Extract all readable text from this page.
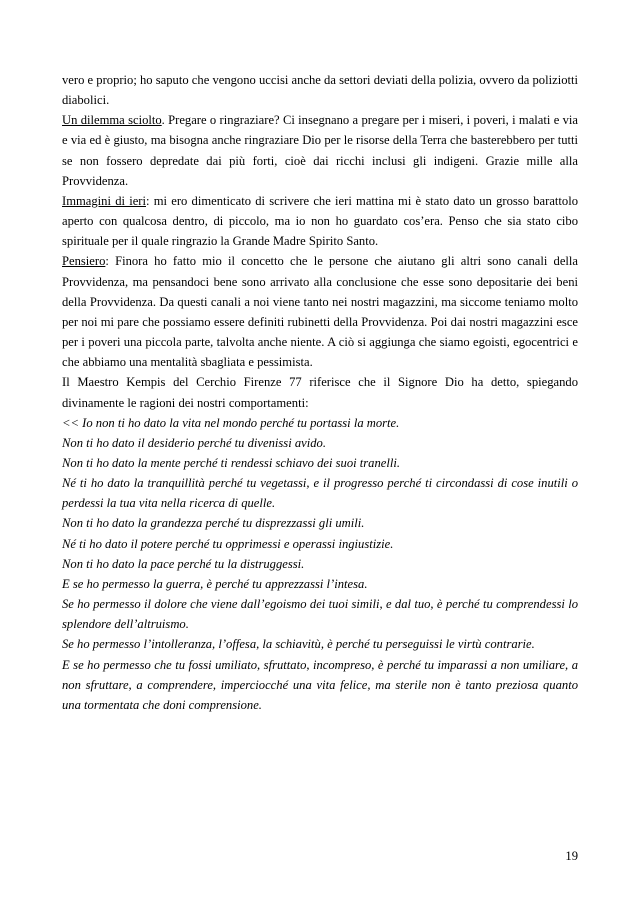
vero e proprio; ho saputo che vengono uccisi anche da settori deviati della polizia, ovvero da poliziotti diabolici.

Un dilemma sciolto. Pregare o ringraziare? Ci insegnano a pregare per i miseri, i poveri, i malati e via e via ed è giusto, ma bisogna anche ringraziare Dio per le risorse della Terra che basterebbero per tutti se non fossero depredate dai più forti, cioè dai ricchi inclusi gli indigeni. Grazie mille alla Provvidenza.

Immagini di ieri: mi ero dimenticato di scrivere che ieri mattina mi è stato dato un grosso barattolo aperto con qualcosa dentro, di piccolo, ma io non ho guardato cos’era. Penso che sia stato cibo spirituale per il quale ringrazio la Grande Madre Spirito Santo.

Pensiero: Finora ho fatto mio il concetto che le persone che aiutano gli altri sono canali della Provvidenza, ma pensandoci bene sono arrivato alla conclusione che esse sono depositarie dei beni della Provvidenza. Da questi canali a noi viene tanto nei nostri magazzini, ma siccome teniamo molto per noi mi pare che possiamo essere definiti rubinetti della Provvidenza. Poi dai nostri magazzini esce per i poveri una piccola parte, talvolta anche niente. A ciò si aggiunga che siamo egoisti, egocentrici e che abbiamo una mentalità sbagliata e pessimista.

Il Maestro Kempis del Cerchio Firenze 77 riferisce che il Signore Dio ha detto, spiegando divinamente le ragioni dei nostri comportamenti:

<< Io non ti ho dato la vita nel mondo perché tu portassi la morte.

Non ti ho dato il desiderio perché tu divenissi avido.

Non ti ho dato la mente perché ti rendessi schiavo dei suoi tranelli.

Né ti ho dato la tranquillità perché tu vegetassi, e il progresso perché ti circondassi di cose inutili o perdessi la tua vita nella ricerca di quelle.

Non ti ho dato la grandezza perché tu disprezzassi gli umili.

Né ti ho dato il potere perché tu opprimessi e operassi ingiustizie.

Non ti ho dato la pace perché tu la distruggessi.

E se ho permesso la guerra, è perché tu apprezzassi l’intesa.

Se ho permesso il dolore che viene dall’egoismo dei tuoi simili, e dal tuo, è perché tu comprendessi lo splendore dell’altruismo.

Se ho permesso l’intolleranza, l’offesa, la schiavitù, è perché tu perseguissi le virtù contrarie.

E se ho permesso che tu fossi umiliato, sfruttato, incompreso, è perché tu imparassi a non umiliare, a non sfruttare, a comprendere, imperciocché una vita felice, ma sterile non è tanto preziosa quanto una tormentata che doni comprensione.

19
